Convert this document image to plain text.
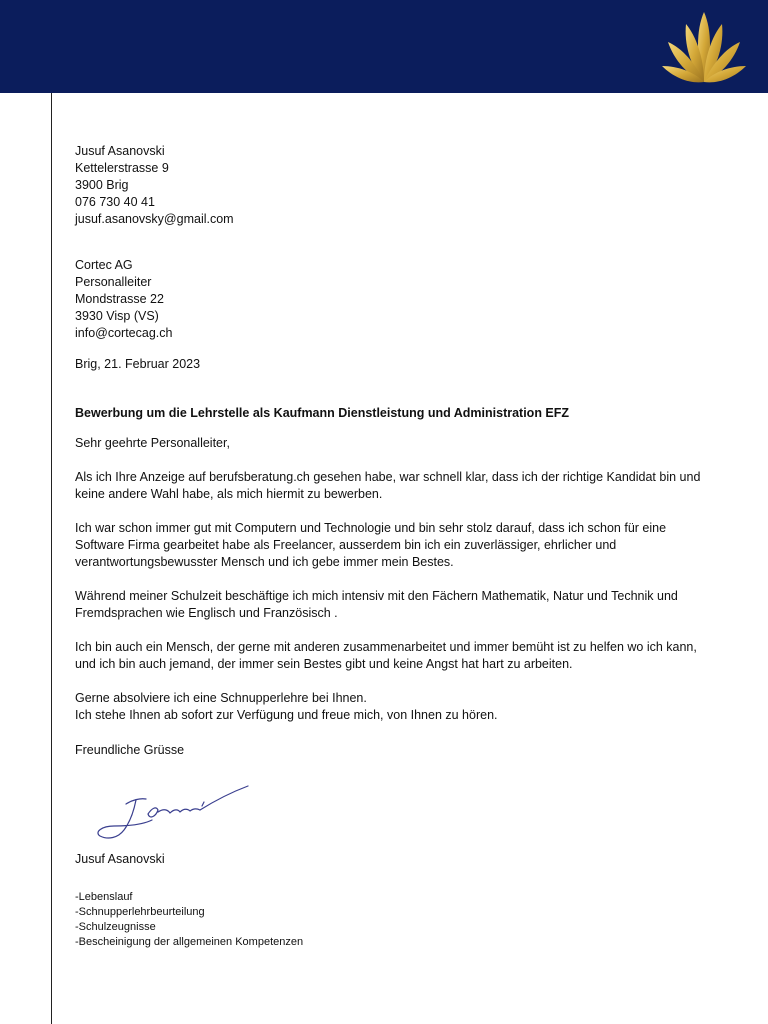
Jusuf Asanovski
Kettelerstrasse 9
3900 Brig
076 730 40 41
jusuf.asanovsky@gmail.com
Cortec AG
Personalleiter
Mondstrasse 22
3930 Visp (VS)
info@cortecag.ch
Brig, 21. Februar 2023
Bewerbung um die Lehrstelle als Kaufmann Dienstleistung und Administration EFZ
Sehr geehrte Personalleiter,
Als ich Ihre Anzeige auf berufsberatung.ch gesehen habe, war schnell klar, dass ich der richtige Kandidat bin und
keine andere Wahl habe, als mich hiermit zu bewerben.
Ich war schon immer gut mit Computern und Technologie und bin sehr stolz darauf, dass ich schon für eine
Software Firma gearbeitet habe als Freelancer, ausserdem bin ich ein zuverlässiger, ehrlicher und
verantwortungsbewusster Mensch und ich gebe immer mein Bestes.
Während meiner Schulzeit beschäftige ich mich intensiv mit den Fächern Mathematik, Natur und Technik und
Fremdsprachen wie Englisch und Französisch .
Ich bin auch ein Mensch, der gerne mit anderen zusammenarbeitet und immer bemüht ist zu helfen wo ich kann,
und ich bin auch jemand, der immer sein Bestes gibt und keine Angst hat hart zu arbeiten.
Gerne absolviere ich eine Schnupperlehre bei Ihnen.
Ich stehe Ihnen ab sofort zur Verfügung und freue mich, von Ihnen zu hören.
Freundliche Grüsse
Jusuf Asanovski
-Lebenslauf
-Schnupperlehrbeurteilung
-Schulzeugnisse
-Bescheinigung der allgemeinen Kompetenzen
